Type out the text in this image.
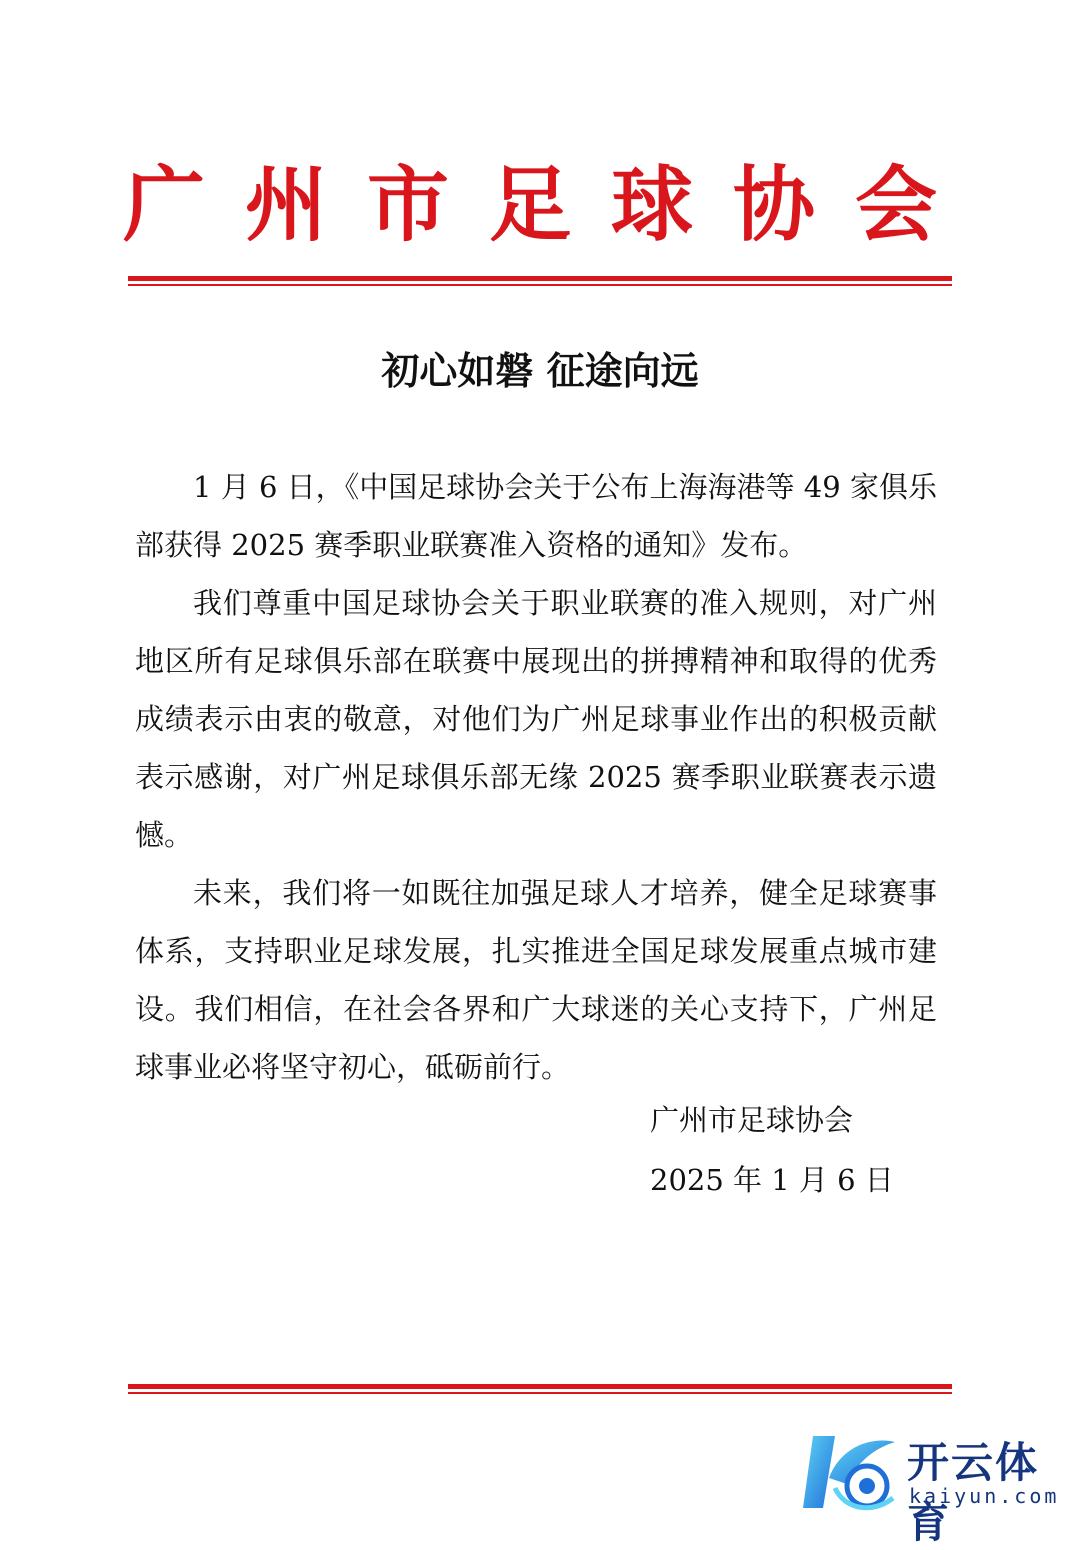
广州市足球协会
初心如磐 征途向远

1 月 6 日，《中国足球协会关于公布上海海港等 49 家俱乐部获得 2025 赛季职业联赛准入资格的通知》发布。

我们尊重中国足球协会关于职业联赛的准入规则，对广州地区所有足球俱乐部在联赛中展现出的拼搏精神和取得的优秀成绩表示由衷的敬意，对他们为广州足球事业作出的积极贡献表示感谢，对广州足球俱乐部无缘 2025 赛季职业联赛表示遗憾。

未来，我们将一如既往加强足球人才培养，健全足球赛事体系，支持职业足球发展，扎实推进全国足球发展重点城市建设。我们相信，在社会各界和广大球迷的关心支持下，广州足球事业必将坚守初心，砥砺前行。

广州市足球协会
2025 年 1 月 6 日
开云体育
kaiyun.com
